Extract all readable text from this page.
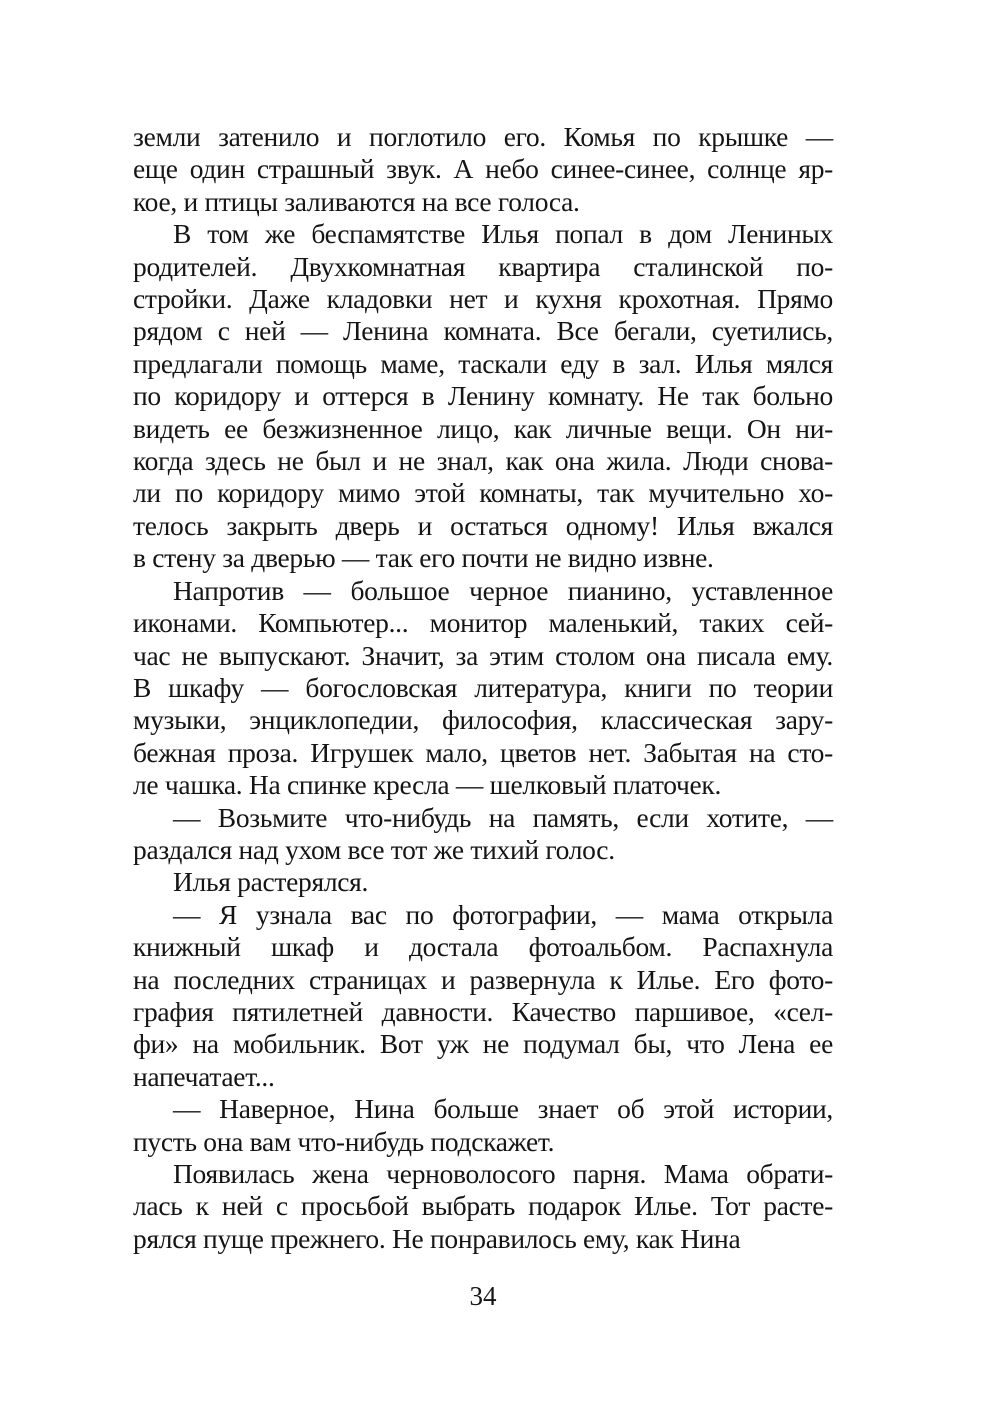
земли затенило и поглотило его. Комья по крышке —
еще один страшный звук. А небо синее-синее, солнце яр-
кое, и птицы заливаются на все голоса.
В том же беспамятстве Илья попал в дом Лениных
родителей. Двухкомнатная квартира сталинской по-
стройки. Даже кладовки нет и кухня крохотная. Прямо
рядом с ней — Ленина комната. Все бегали, суетились,
предлагали помощь маме, таскали еду в зал. Илья мялся
по коридору и оттерся в Ленину комнату. Не так больно
видеть ее безжизненное лицо, как личные вещи. Он ни-
когда здесь не был и не знал, как она жила. Люди снова-
ли по коридору мимо этой комнаты, так мучительно хо-
телось закрыть дверь и остаться одному! Илья вжался
в стену за дверью — так его почти не видно извне.
Напротив — большое черное пианино, уставленное
иконами. Компьютер... монитор маленький, таких сей-
час не выпускают. Значит, за этим столом она писала ему.
В шкафу — богословская литература, книги по теории
музыки, энциклопедии, философия, классическая зару-
бежная проза. Игрушек мало, цветов нет. Забытая на сто-
ле чашка. На спинке кресла — шелковый платочек.
— Возьмите что-нибудь на память, если хотите, —
раздался над ухом все тот же тихий голос.
Илья растерялся.
— Я узнала вас по фотографии, — мама открыла
книжный шкаф и достала фотоальбом. Распахнула
на последних страницах и развернула к Илье. Его фото-
графия пятилетней давности. Качество паршивое, «сел-
фи» на мобильник. Вот уж не подумал бы, что Лена ее
напечатает...
— Наверное, Нина больше знает об этой истории,
пусть она вам что-нибудь подскажет.
Появилась жена черноволосого парня. Мама обрати-
лась к ней с просьбой выбрать подарок Илье. Тот расте-
рялся пуще прежнего. Не понравилось ему, как Нина
34
